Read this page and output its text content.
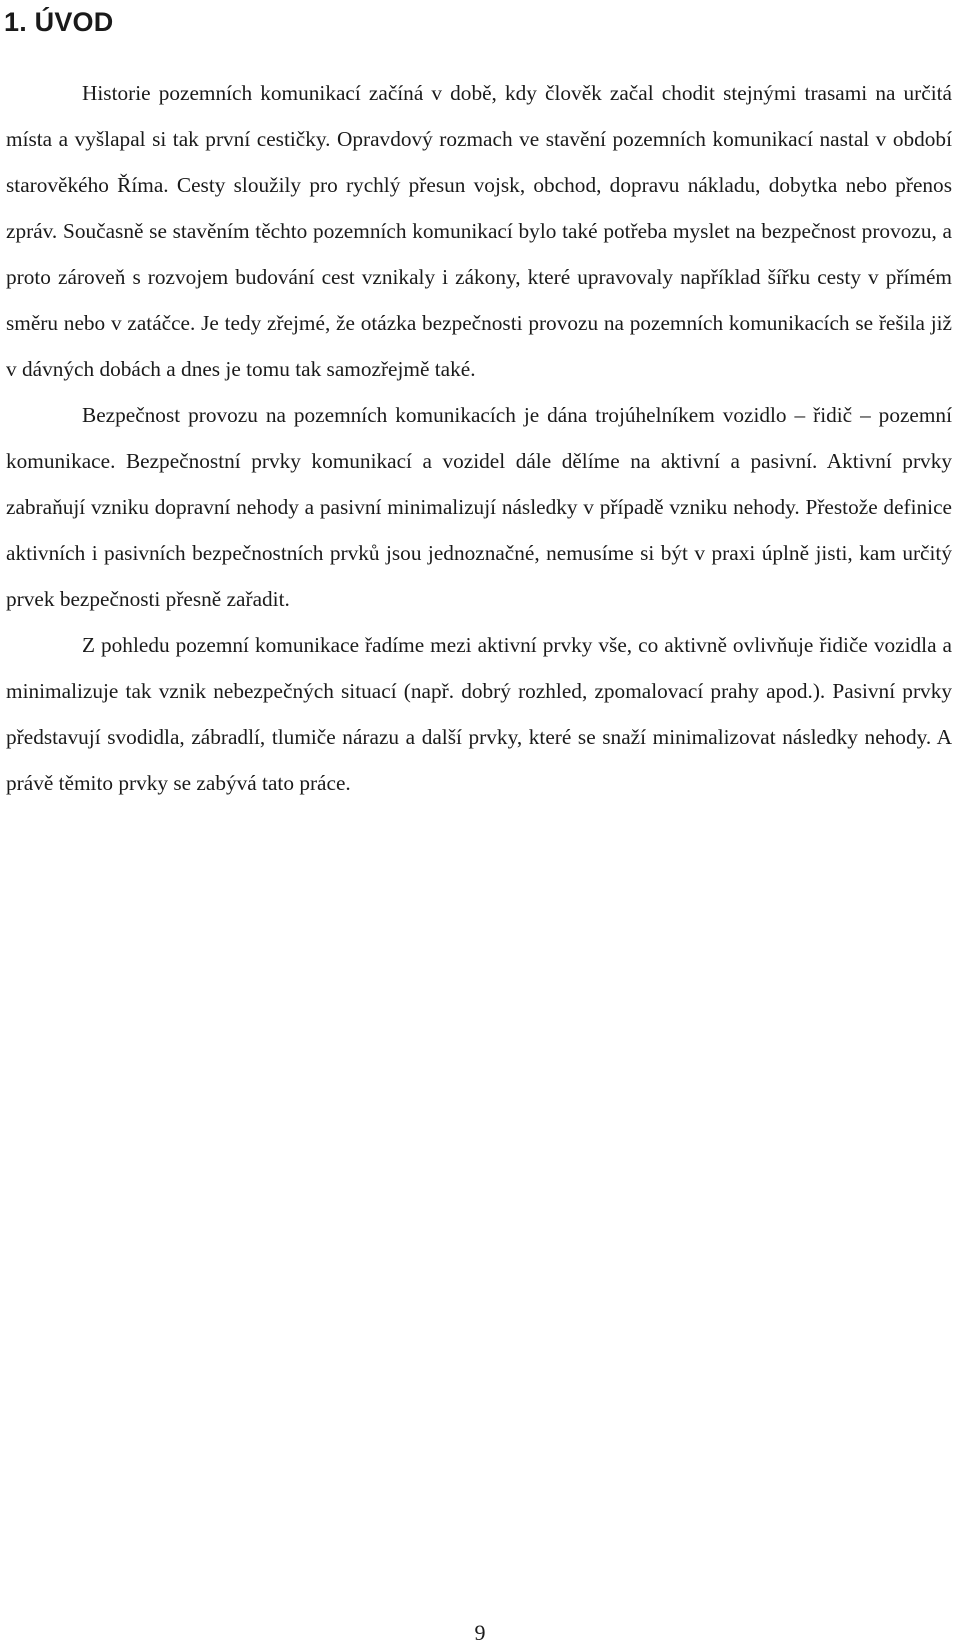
1. ÚVOD

Historie pozemních komunikací začíná v době, kdy člověk začal chodit stejnými trasami na určitá místa a vyšlapal si tak první cestičky. Opravdový rozmach ve stavění pozemních komunikací nastal v období starověkého Říma. Cesty sloužily pro rychlý přesun vojsk, obchod, dopravu nákladu, dobytka nebo přenos zpráv. Současně se stavěním těchto pozemních komunikací bylo také potřeba myslet na bezpečnost provozu, a proto zároveň s rozvojem budování cest vznikaly i zákony, které upravovaly například šířku cesty v přímém směru nebo v zatáčce. Je tedy zřejmé, že otázka bezpečnosti provozu na pozemních komunikacích se řešila již v dávných dobách a dnes je tomu tak samozřejmě také.

Bezpečnost provozu na pozemních komunikacích je dána trojúhelníkem vozidlo – řidič – pozemní komunikace. Bezpečnostní prvky komunikací a vozidel dále dělíme na aktivní a pasivní. Aktivní prvky zabraňují vzniku dopravní nehody a pasivní minimalizují následky v případě vzniku nehody. Přestože definice aktivních i pasivních bezpečnostních prvků jsou jednoznačné, nemusíme si být v praxi úplně jisti, kam určitý prvek bezpečnosti přesně zařadit.

Z pohledu pozemní komunikace řadíme mezi aktivní prvky vše, co aktivně ovlivňuje řidiče vozidla a minimalizuje tak vznik nebezpečných situací (např. dobrý rozhled, zpomalovací prahy apod.). Pasivní prvky představují svodidla, zábradlí, tlumiče nárazu a další prvky, které se snaží minimalizovat následky nehody. A právě těmito prvky se zabývá tato práce.

9
